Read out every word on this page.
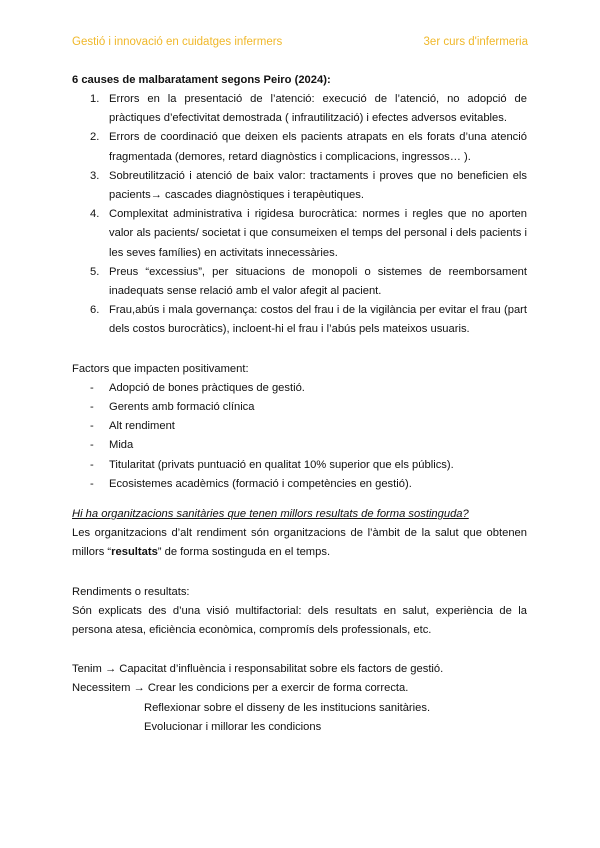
Gestió i innovació en cuidatges infermers	3er curs d'infermeria

6 causes de malbaratament segons Peiro (2024):

1. Errors en la presentació de l’atenció: execució de l’atenció, no adopció de pràctiques d’efectivitat demostrada ( infrautilització) i efectes adversos evitables.
2. Errors de coordinació que deixen els pacients atrapats en els forats d’una atenció fragmentada (demores, retard diagnòstics i complicacions, ingressos… ).
3. Sobreutilització i atenció de baix valor: tractaments i proves que no beneficien els pacients→ cascades diagnòstiques i terapèutiques.
4. Complexitat administrativa i rigidesa burocràtica: normes i regles que no aporten valor als pacients/ societat i que consumeixen el temps del personal i dels pacients i les seves famílies) en activitats innecessàries.
5. Preus “excessius”, per situacions de monopoli o sistemes de reemborsament inadequats sense relació amb el valor afegit al pacient.
6. Frau,abús i mala governança: costos del frau i de la vigilància per evitar el frau (part dels costos burocràtics), incloent-hi el frau i l’abús pels mateixos usuaris.
Factors que impacten positivament:
- Adopció de bones pràctiques de gestió.
- Gerents amb formació clínica
- Alt rendiment
- Mida
- Titularitat (privats puntuació en qualitat 10% superior que els públics).
- Ecosistemes acadèmics (formació i competències en gestió).
Hi ha organitzacions sanitàries que tenen millors resultats de forma sostinguda?
Les organitzacions d’alt rendiment són organitzacions de l’àmbit de la salut que obtenen millors “resultats” de forma sostinguda en el temps.
Rendiments o resultats:
Són explicats des d’una visió multifactorial: dels resultats en salut, experiència de la persona atesa, eficiència econòmica, compromís dels professionals, etc.
Tenim → Capacitat d’influència i responsabilitat sobre els factors de gestió.
Necessitem → Crear les condicions per a exercir de forma correcta.
Reflexionar sobre el disseny de les institucions sanitàries.
Evolucionar i millorar les condicions
